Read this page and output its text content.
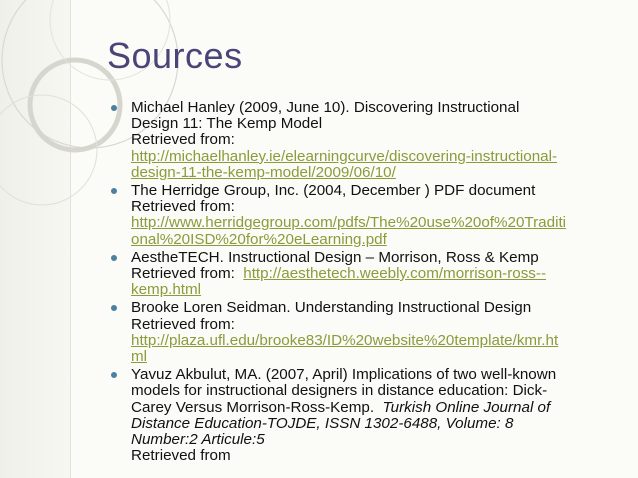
Sources
Michael Hanley (2009, June 10). Discovering Instructional
Design 11: The Kemp Model
Retrieved from:
http://michaelhanley.ie/elearningcurve/discovering-instructional-
design-11-the-kemp-model/2009/06/10/
The Herridge Group, Inc. (2004, December ) PDF document
Retrieved from:
http://www.herridgegroup.com/pdfs/The%20use%20of%20Traditi
onal%20ISD%20for%20eLearning.pdf
AestheTECH. Instructional Design – Morrison, Ross & Kemp
Retrieved from:  http://aesthetech.weebly.com/morrison-ross--
kemp.html
Brooke Loren Seidman. Understanding Instructional Design
Retrieved from:
http://plaza.ufl.edu/brooke83/ID%20website%20template/kmr.ht
ml
Yavuz Akbulut, MA. (2007, April) Implications of two well-known
models for instructional designers in distance education: Dick-
Carey Versus Morrison-Ross-Kemp.  Turkish Online Journal of
Distance Education-TOJDE, ISSN 1302-6488, Volume: 8
Number:2 Articule:5
Retrieved from
